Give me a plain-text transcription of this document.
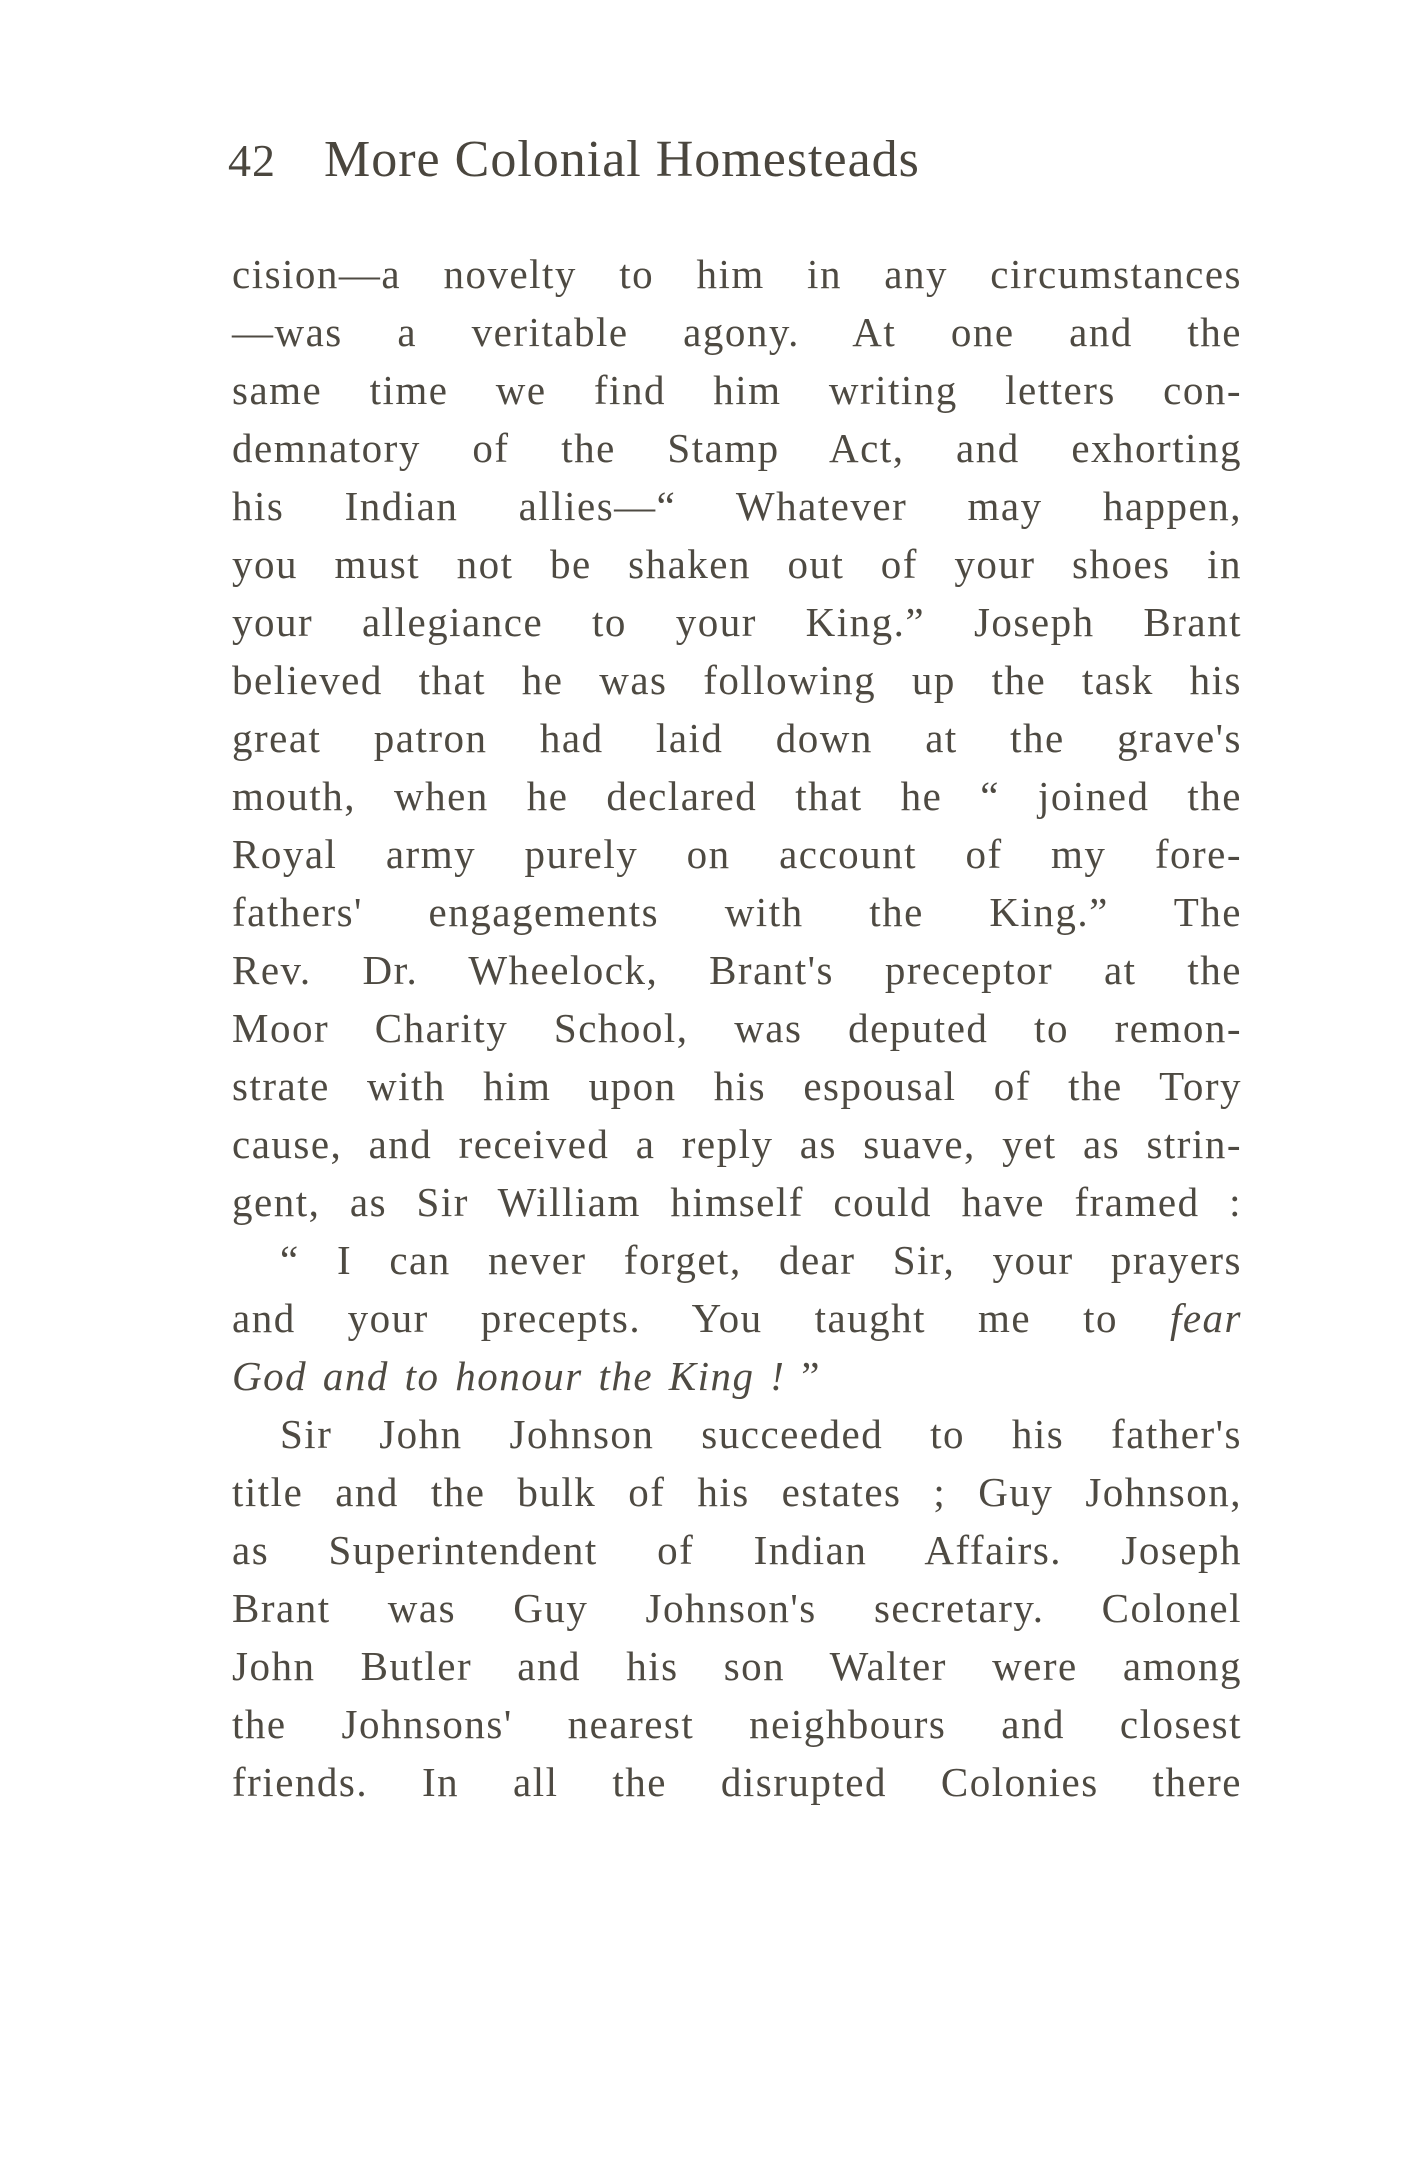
42 More Colonial Homesteads
cision—a novelty to him in any circumstances
—was a veritable agony. At one and the
same time we find him writing letters con-
demnatory of the Stamp Act, and exhorting
his Indian allies—“ Whatever may happen,
you must not be shaken out of your shoes in
your allegiance to your King.” Joseph Brant
believed that he was following up the task his
great patron had laid down at the grave's
mouth, when he declared that he “ joined the
Royal army purely on account of my fore-
fathers' engagements with the King.” The
Rev. Dr. Wheelock, Brant's preceptor at the
Moor Charity School, was deputed to remon-
strate with him upon his espousal of the Tory
cause, and received a reply as suave, yet as strin-
gent, as Sir William himself could have framed :
“ I can never forget, dear Sir, your prayers
and your precepts. You taught me to fear
God and to honour the King ! ”
Sir John Johnson succeeded to his father's
title and the bulk of his estates ; Guy Johnson,
as Superintendent of Indian Affairs. Joseph
Brant was Guy Johnson's secretary. Colonel
John Butler and his son Walter were among
the Johnsons' nearest neighbours and closest
friends. In all the disrupted Colonies there
